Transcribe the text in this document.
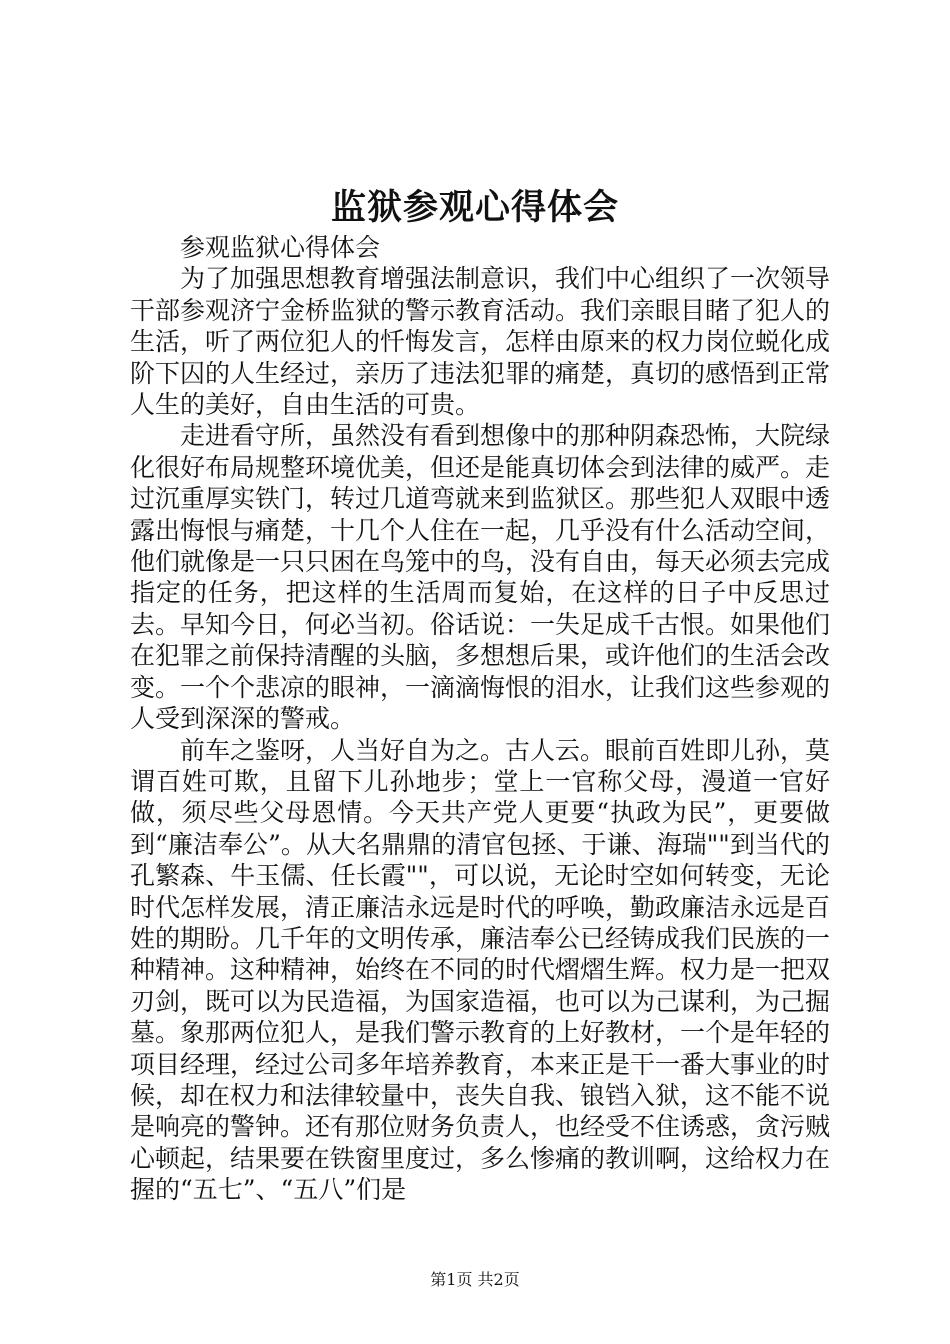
监狱参观心得体会

参观监狱心得体会

为了加强思想教育增强法制意识，我们中心组织了一次领导干部参观济宁金桥监狱的警示教育活动。我们亲眼目睹了犯人的生活，听了两位犯人的忏悔发言，怎样由原来的权力岗位蜕化成阶下囚的人生经过，亲历了违法犯罪的痛楚，真切的感悟到正常人生的美好，自由生活的可贵。

走进看守所，虽然没有看到想像中的那种阴森恐怖，大院绿化很好布局规整环境优美，但还是能真切体会到法律的威严。走过沉重厚实铁门，转过几道弯就来到监狱区。那些犯人双眼中透露出悔恨与痛楚，十几个人住在一起，几乎没有什么活动空间，他们就像是一只只困在鸟笼中的鸟，没有自由，每天必须去完成指定的任务，把这样的生活周而复始，在这样的日子中反思过去。早知今日，何必当初。俗话说：一失足成千古恨。如果他们在犯罪之前保持清醒的头脑，多想想后果，或许他们的生活会改变。一个个悲凉的眼神，一滴滴悔恨的泪水，让我们这些参观的人受到深深的警戒。

前车之鉴呀，人当好自为之。古人云。眼前百姓即儿孙，莫谓百姓可欺，且留下儿孙地步；堂上一官称父母，漫道一官好做，须尽些父母恩情。今天共产党人更要“执政为民”，更要做到“廉洁奉公”。从大名鼎鼎的清官包拯、于谦、海瑞""到当代的孔繁森、牛玉儒、任长霞""，可以说，无论时空如何转变，无论时代怎样发展，清正廉洁永远是时代的呼唤，勤政廉洁永远是百姓的期盼。几千年的文明传承，廉洁奉公已经铸成我们民族的一种精神。这种精神，始终在不同的时代熠熠生辉。权力是一把双刃剑，既可以为民造福，为国家造福，也可以为己谋利，为己掘墓。象那两位犯人，是我们警示教育的上好教材，一个是年轻的项目经理，经过公司多年培养教育，本来正是干一番大事业的时候，却在权力和法律较量中，丧失自我、锒铛入狱，这不能不说是响亮的警钟。还有那位财务负责人，也经受不住诱惑，贪污贼心顿起，结果要在铁窗里度过，多么惨痛的教训啊，这给权力在握的“五七”、“五八”们是

第1页 共2页
